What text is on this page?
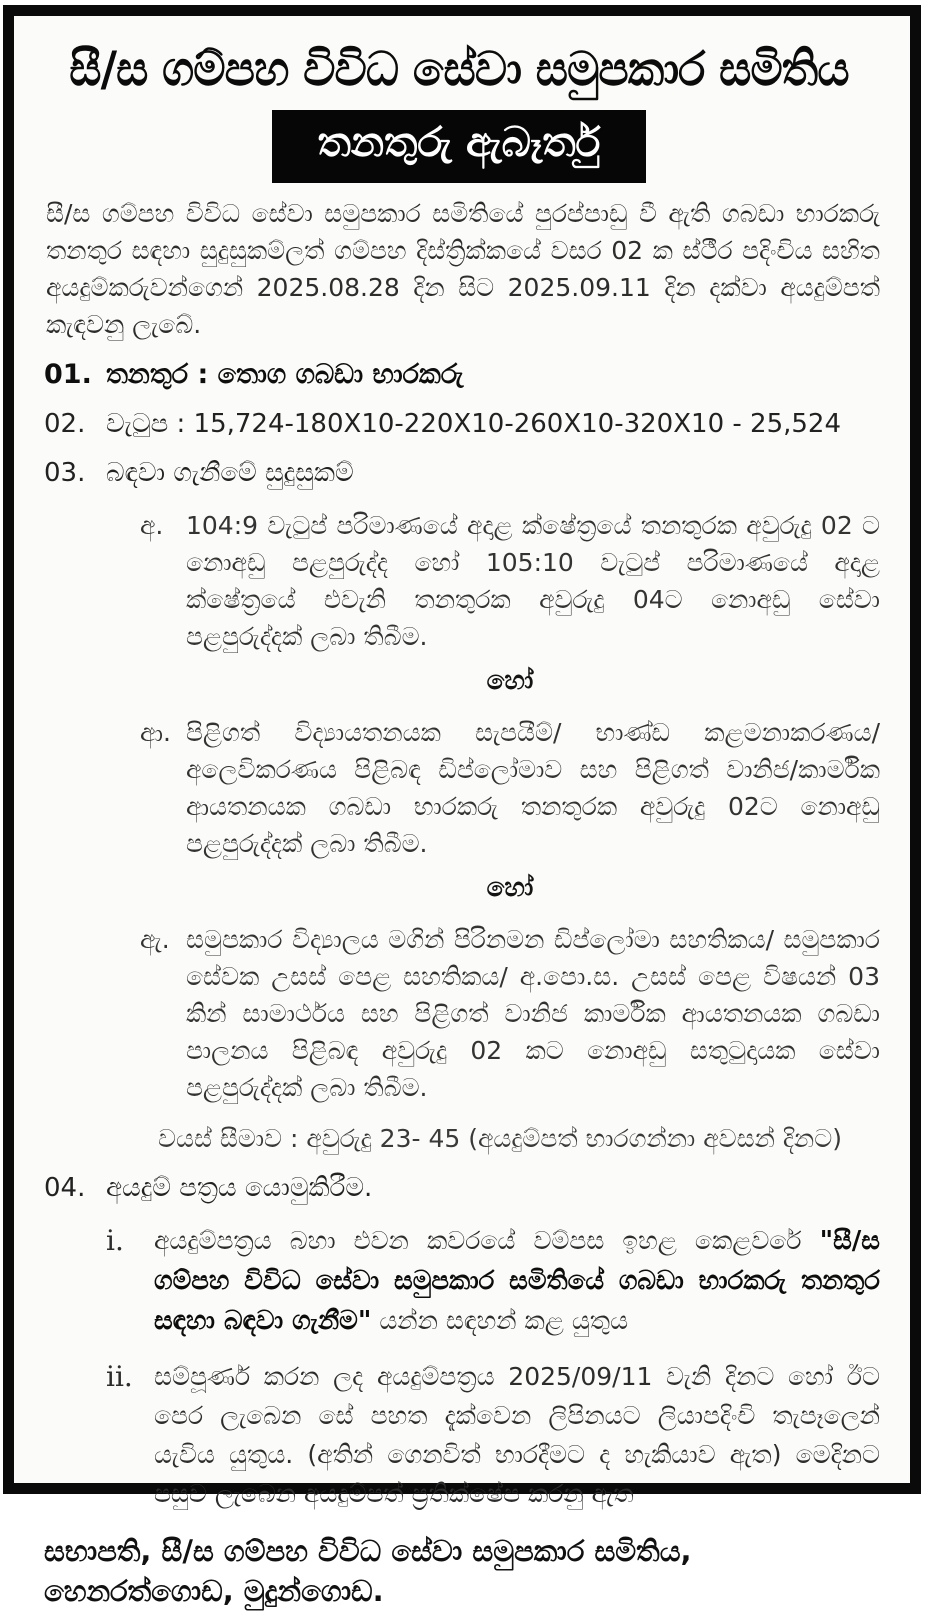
සී/ස ගම්පහ විවිධ සේවා සමුපකාර සමිතිය
තනතුරු ඇබෑර්තු

සී/ස ගම්පහ විවිධ සේවා සමුපකාර සමිතියේ පුරප්පාඩු වී ඇති ගබඩා භාරකරු තනතුර සඳහා සුදුසුකම්ලත් ගම්පහ දිස්ත්‍රික්කයේ වසර 02 ක ස්ථීර පදිංචිය සහිත අයදුම්කරුවන්ගෙන් 2025.08.28 දින සිට 2025.09.11 දින දක්වා අයදුම්පත් කැඳවනු ලැබේ.

01. තනතුර : තොග ගබඩා භාරකරු
02. වැටුප : 15,724-180X10-220X10-260X10-320X10 - 25,524
03. බඳවා ගැනීමේ සුදුසුකම්
අ. 104:9 වැටුප් පරිමාණයේ අදාළ ක්ෂේත්‍රයේ තනතුරක අවුරුදු 02 ට නොඅඩු පළපුරුද්ද හෝ 105:10 වැටුප් පරිමාණයේ අදාළ ක්ෂේත්‍රයේ එවැනි තනතුරක අවුරුදු 04ට නොඅඩු සේවා පළපුරුද්දක් ලබා තිබීම.
හෝ
ආ. පිළිගත් විද්‍යායතනයක සැපයීම්/ භාණ්ඩ කළමනාකරණය/අලෙවිකරණය පිළිබඳ ඩිප්ලෝමාව සහ පිළිගත් වානිජ/කාර්මික ආයතනයක ගබඩා භාරකරු තනතුරක අවුරුදු 02ට නොඅඩු පළපුරුද්දක් ලබා තිබීම.
හෝ
ඇ. සමුපකාර විද්‍යාලය මගින් පිරිනමන ඩිප්ලෝමා සහතිකය/ සමුපකාර සේවක උසස් පෙළ සහතිකය/ අ.පො.ස. උසස් පෙළ විෂයන් 03 කින් සාමාර්ථය සහ පිළිගත් වානිජ කාර්මික ආයතනයක ගබඩා පාලනය පිළිබඳ අවුරුදු 02 කට නොඅඩු සතුටුදායක සේවා පළපුරුද්දක් ලබා තිබීම.
වයස් සීමාව : අවුරුදු 23- 45 (අයදුම්පත් භාරගන්නා අවසන් දිනට)
04. අයදුම් පත්‍රය යොමුකිරීම.
i.	අයදුම්පත්‍රය බහා එවන කවරයේ වම්පස ඉහළ කෙළවරේ "සී/ස ගම්පහ විවිධ සේවා සමුපකාර සමිතියේ ගබඩා භාරකරු තනතුර සඳහා බඳවා ගැනීම" යන්න සඳහන් කළ යුතුය
ii. සම්පූර්ණ කරන ලද අයදුම්පත්‍රය 2025/09/11 වැනි දිනට හෝ ඊට පෙර ලැබෙන සේ පහත දැක්වෙන ලිපිනයට ලියාපදිංචි තැපෑලෙන් යැවිය යුතුය. (අතින් ගෙනවිත් භාරදීමට ද හැකියාව ඇත) මෙදිනට පසුව ලැබෙන අයදුම්පත් ප්‍රතික්ෂේප කරනු ඇත
සභාපති, සී/ස ගම්පහ විවිධ සේවා සමුපකාර සමිතිය,
හෙනරත්ගොඩ, මුදුන්ගොඩ.
